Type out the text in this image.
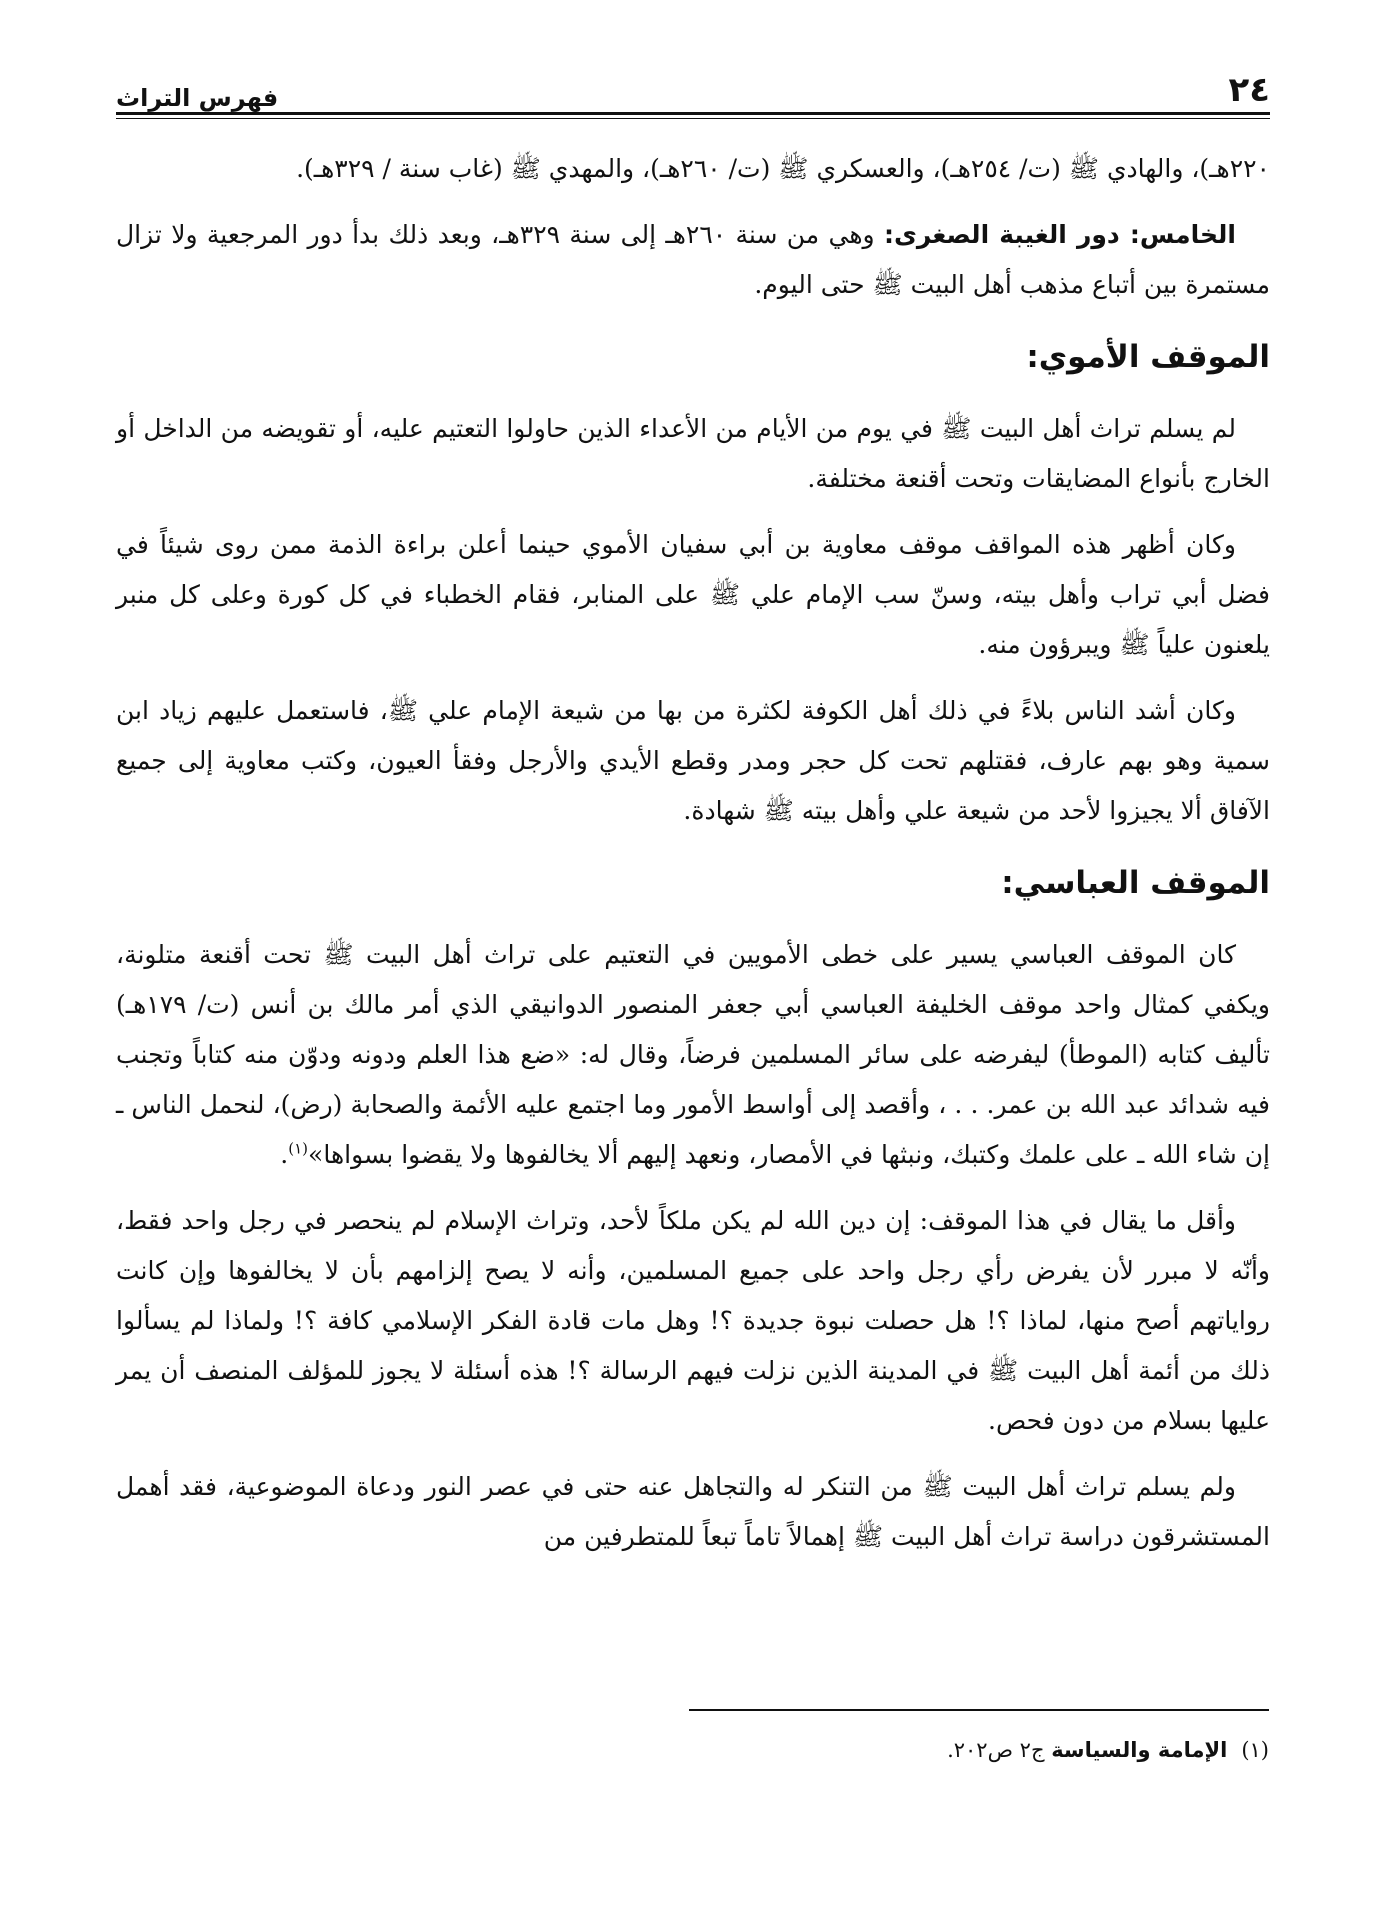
٢٤
فهرس التراث

٢٢٠هـ)، والهادي ﷺ (ت/ ٢٥٤هـ)، والعسكري ﷺ (ت/ ٢٦٠هـ)، والمهدي ﷺ (غاب سنة / ٣٢٩هـ).

الخامس: دور الغيبة الصغرى: وهي من سنة ٢٦٠هـ إلى سنة ٣٢٩هـ، وبعد ذلك بدأ دور المرجعية ولا تزال مستمرة بين أتباع مذهب أهل البيت ﷺ حتى اليوم.

الموقف الأموي:

لم يسلم تراث أهل البيت ﷺ في يوم من الأيام من الأعداء الذين حاولوا التعتيم عليه، أو تقويضه من الداخل أو الخارج بأنواع المضايقات وتحت أقنعة مختلفة.

وكان أظهر هذه المواقف موقف معاوية بن أبي سفيان الأموي حينما أعلن براءة الذمة ممن روى شيئاً في فضل أبي تراب وأهل بيته، وسنّ سب الإمام علي ﷺ على المنابر، فقام الخطباء في كل كورة وعلى كل منبر يلعنون علياً ﷺ ويبرؤون منه.

وكان أشد الناس بلاءً في ذلك أهل الكوفة لكثرة من بها من شيعة الإمام علي ﷺ، فاستعمل عليهم زياد ابن سمية وهو بهم عارف، فقتلهم تحت كل حجر ومدر وقطع الأيدي والأرجل وفقأ العيون، وكتب معاوية إلى جميع الآفاق ألا يجيزوا لأحد من شيعة علي وأهل بيته ﷺ شهادة.

الموقف العباسي:

كان الموقف العباسي يسير على خطى الأمويين في التعتيم على تراث أهل البيت ﷺ تحت أقنعة متلونة، ويكفي كمثال واحد موقف الخليفة العباسي أبي جعفر المنصور الدوانيقي الذي أمر مالك بن أنس (ت/ ١٧٩هـ) تأليف كتابه (الموطأ) ليفرضه على سائر المسلمين فرضاً، وقال له: «ضع هذا العلم ودونه ودوّن منه كتاباً وتجنب فيه شدائد عبد الله بن عمر. . . ، وأقصد إلى أواسط الأمور وما اجتمع عليه الأئمة والصحابة (رض)، لنحمل الناس ـ إن شاء الله ـ على علمك وكتبك، ونبثها في الأمصار، ونعهد إليهم ألا يخالفوها ولا يقضوا بسواها»$^{(١)}$.

وأقل ما يقال في هذا الموقف: إن دين الله لم يكن ملكاً لأحد، وتراث الإسلام لم ينحصر في رجل واحد فقط، وأنّه لا مبرر لأن يفرض رأي رجل واحد على جميع المسلمين، وأنه لا يصح إلزامهم بأن لا يخالفوها وإن كانت رواياتهم أصح منها، لماذا ؟! هل حصلت نبوة جديدة ؟! وهل مات قادة الفكر الإسلامي كافة ؟! ولماذا لم يسألوا ذلك من أئمة أهل البيت ﷺ في المدينة الذين نزلت فيهم الرسالة ؟! هذه أسئلة لا يجوز للمؤلف المنصف أن يمر عليها بسلام من دون فحص.

ولم يسلم تراث أهل البيت ﷺ من التنكر له والتجاهل عنه حتى في عصر النور ودعاة الموضوعية، فقد أهمل المستشرقون دراسة تراث أهل البيت ﷺ إهمالاً تاماً تبعاً للمتطرفين من

(١)الإمامة والسياسة ج٢ ص٢٠٢.
